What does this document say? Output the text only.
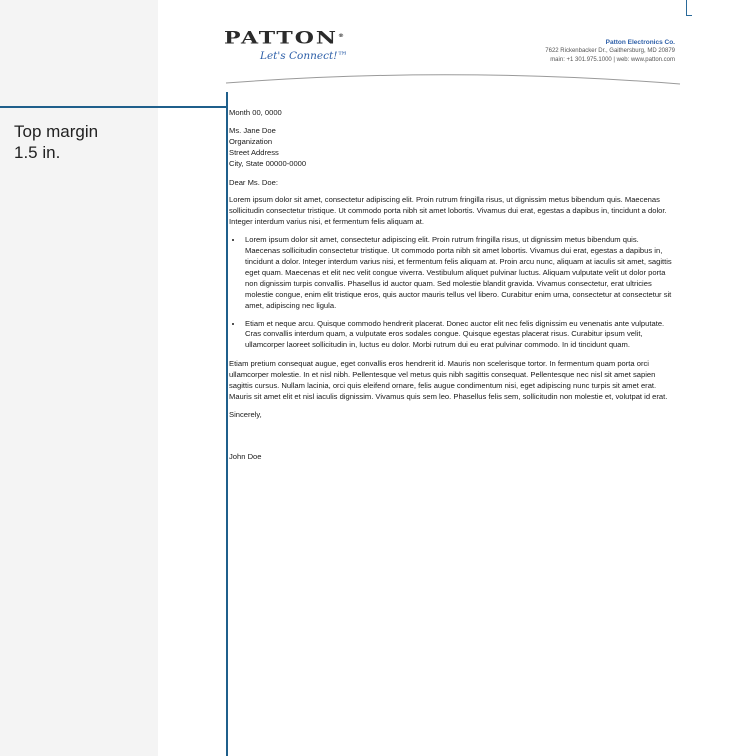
PATTON®
Let's Connect!™
Patton Electronics Co.
7622 Rickenbacker Dr., Gaithersburg, MD 20879
main: +1 301.975.1000 | web: www.patton.com
Top margin
1.5 in.

Month 00, 0000

Ms. Jane Doe
Organization
Street Address
City, State 00000-0000

Dear Ms. Doe:

Lorem ipsum dolor sit amet, consectetur adipiscing elit. Proin rutrum fringilla risus, ut dignissim metus bibendum quis. Maecenas sollicitudin consectetur tristique. Ut commodo porta nibh sit amet lobortis. Vivamus dui erat, egestas a dapibus in, tincidunt a dolor. Integer interdum varius nisi, et fermentum felis aliquam at.

• Lorem ipsum dolor sit amet, consectetur adipiscing elit. Proin rutrum fringilla risus, ut dignissim metus bibendum quis. Maecenas sollicitudin consectetur tristique. Ut commodo porta nibh sit amet lobortis. Vivamus dui erat, egestas a dapibus in, tincidunt a dolor. Integer interdum varius nisi, et fermentum felis aliquam at. Proin arcu nunc, aliquam at iaculis sit amet, sagittis eget quam. Maecenas et elit nec velit congue viverra. Vestibulum aliquet pulvinar luctus. Aliquam vulputate velit ut dolor porta non dignissim turpis convallis. Phasellus id auctor quam. Sed molestie blandit gravida. Vivamus consectetur, erat ultricies molestie congue, enim elit tristique eros, quis auctor mauris tellus vel libero. Curabitur enim urna, consectetur at consectetur sit amet, adipiscing nec ligula.
• Etiam et neque arcu. Quisque commodo hendrerit placerat. Donec auctor elit nec felis dignissim eu venenatis ante vulputate. Cras convallis interdum quam, a vulputate eros sodales congue. Quisque egestas placerat risus. Curabitur ipsum velit, ullamcorper laoreet sollicitudin in, luctus eu dolor. Morbi rutrum dui eu erat pulvinar commodo. In id tincidunt quam.

Etiam pretium consequat augue, eget convallis eros hendrerit id. Mauris non scelerisque tortor. In fermentum quam porta orci ullamcorper molestie. In et nisl nibh. Pellentesque vel metus quis nibh sagittis consequat. Pellentesque nec nisl sit amet sapien sagittis cursus. Nullam lacinia, orci quis eleifend ornare, felis augue condimentum nisi, eget adipiscing nunc turpis sit amet erat. Mauris sit amet elit et nisl iaculis dignissim. Vivamus quis sem leo. Phasellus felis sem, sollicitudin non molestie et, volutpat id erat.

Sincerely,

John Doe
